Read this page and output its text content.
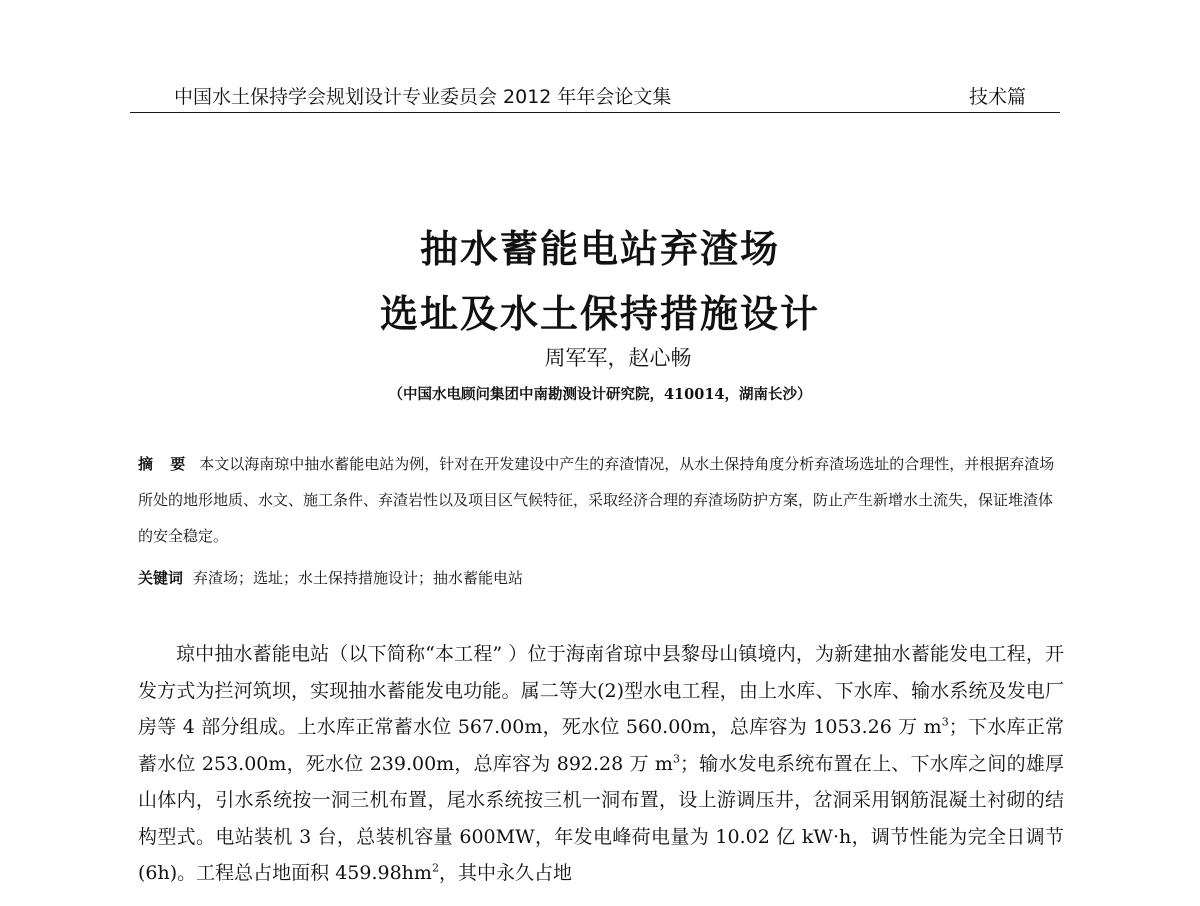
中国水土保持学会规划设计专业委员会 2012 年年会论文集	技术篇
抽水蓄能电站弃渣场
选址及水土保持措施设计
周军军，赵心畅
（中国水电顾问集团中南勘测设计研究院，410014，湖南长沙）
摘 要 本文以海南琼中抽水蓄能电站为例，针对在开发建设中产生的弃渣情况，从水土保持角度分析弃渣场选址的合理性，并根据弃渣场所处的地形地质、水文、施工条件、弃渣岩性以及项目区气候特征，采取经济合理的弃渣场防护方案，防止产生新增水土流失，保证堆渣体的安全稳定。
关键词 弃渣场；选址；水土保持措施设计；抽水蓄能电站
琼中抽水蓄能电站（以下简称“本工程” ）位于海南省琼中县黎母山镇境内，为新建抽水蓄能发电工程，开发方式为拦河筑坝，实现抽水蓄能发电功能。属二等大(2)型水电工程，由上水库、下水库、输水系统及发电厂房等 4 部分组成。上水库正常蓄水位 567.00m，死水位 560.00m，总库容为 1053.26 万 $m^3$；下水库正常蓄水位 253.00m，死水位 239.00m，总库容为 892.28 万 $m^3$；输水发电系统布置在上、下水库之间的雄厚山体内，引水系统按一洞三机布置，尾水系统按三机一洞布置，设上游调压井，岔洞采用钢筋混凝土衬砌的结构型式。电站装机 3 台，总装机容量 600MW，年发电峰荷电量为 10.02 亿 kW·h，调节性能为完全日调节(6h)。工程总占地面积 $459.98hm^2$，其中永久占地
